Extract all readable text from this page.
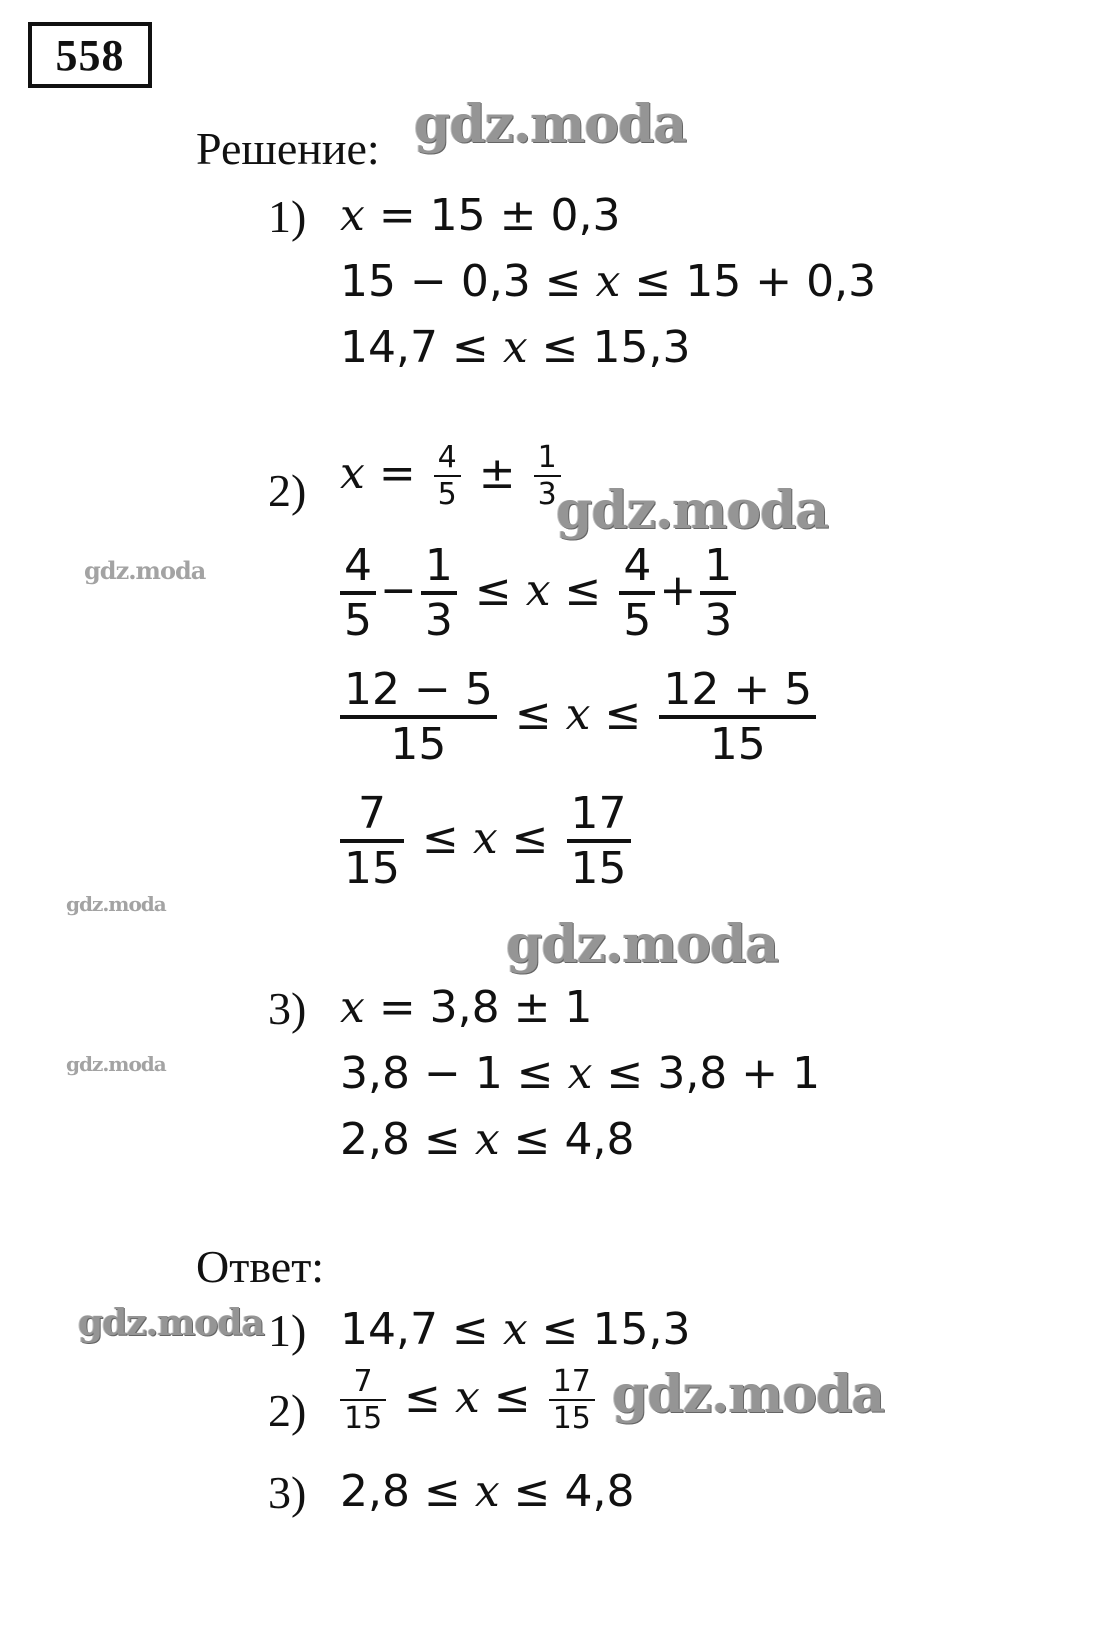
558
Решение:
1) x = 15 ± 0,3
15 − 0,3 ≤ x ≤ 15 + 0,3
14,7 ≤ x ≤ 15,3
2) $x = \frac{4}{5} \pm \frac{1}{3}$
$\frac{4}{5} - \frac{1}{3} \le x \le \frac{4}{5} + \frac{1}{3}$
$\frac{12 - 5}{15} \le x \le \frac{12 + 5}{15}$
$\frac{7}{15} \le x \le \frac{17}{15}$
3) x = 3,8 ± 1
3,8 − 1 ≤ x ≤ 3,8 + 1
2,8 ≤ x ≤ 4,8
Ответ:
1) 14,7 ≤ x ≤ 15,3
$2) \frac{7}{15} \le x \le \frac{17}{15}$
3) 2,8 ≤ x ≤ 4,8
gdz.moda
gdz.moda
gdz.moda
gdz.moda
gdz.moda
gdz.moda
gdz.moda
gdz.moda
